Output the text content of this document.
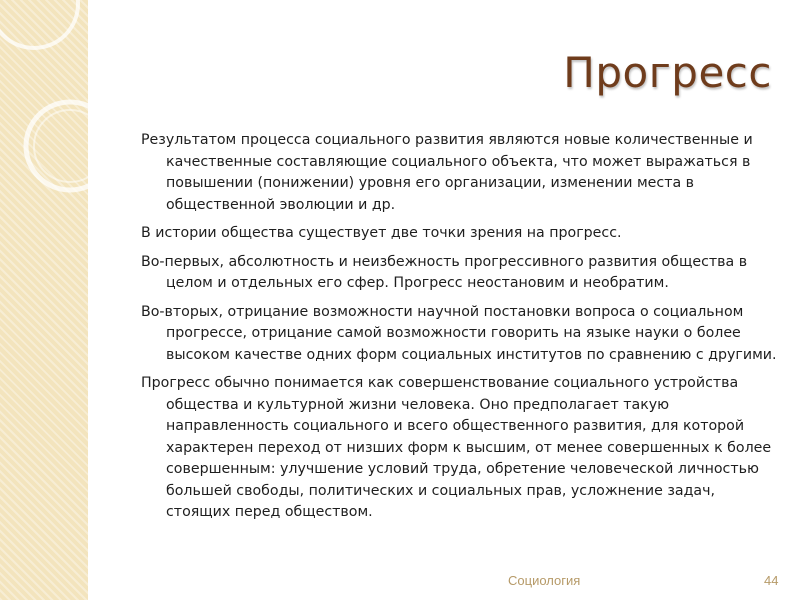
Прогресс

Результатом процесса социального развития являются новые количественные и качественные составляющие социального объекта, что может выражаться в повышении (понижении) уровня его организации, изменении места в общественной эволюции и др.

В истории общества существует две точки зрения на прогресс.

Во-первых, абсолютность и неизбежность прогрессивного развития общества в целом и отдельных его сфер. Прогресс неостановим и необратим.

Во-вторых, отрицание возможности научной постановки вопроса о социальном прогрессе, отрицание самой возможности говорить на языке науки о более высоком качестве одних форм социальных институтов по сравнению с другими.

Прогресс обычно понимается как совершенствование социального устройства общества и культурной жизни человека. Оно предполагает такую направленность социального и всего общественного развития, для которой характерен переход от низших форм к высшим, от менее совершенных к более совершенным: улучшение условий труда, обретение человеческой личностью большей свободы, политических и социальных прав, усложнение задач, стоящих перед обществом.

Социология	44
